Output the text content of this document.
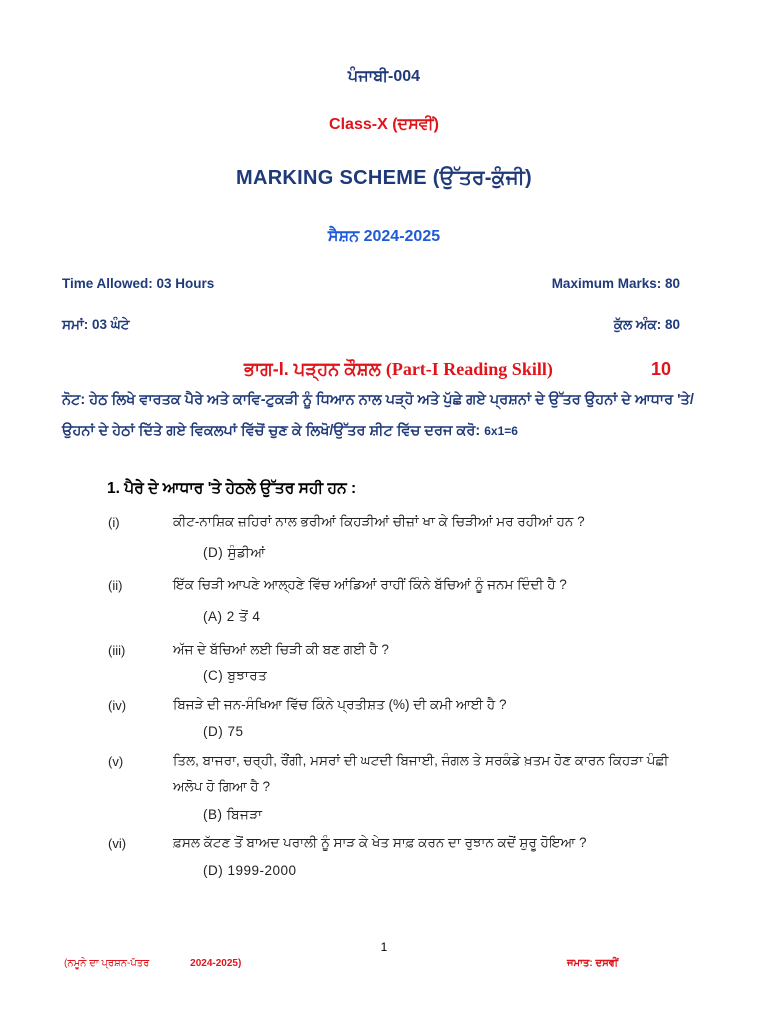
ਪੰਜਾਬੀ-004
Class-X (ਦਸਵੀਂ)
MARKING SCHEME (ਉੱਤਰ-ਕੁੰਜੀ)
ਸੈਸ਼ਨ 2024-2025
Time Allowed: 03 Hours	Maximum Marks: 80
ਸਮਾਂ: 03 ਘੰਟੇ	ਕੁੱਲ ਅੰਕ: 80
ਭਾਗ-I. ਪੜ੍ਹਨ ਕੌਸ਼ਲ (Part-I Reading Skill)	10
ਨੋਟ: ਹੇਠ ਲਿਖੇ ਵਾਰਤਕ ਪੈਰੇ ਅਤੇ ਕਾਵਿ-ਟੁਕੜੀ ਨੂੰ ਧਿਆਨ ਨਾਲ ਪੜ੍ਹੋ ਅਤੇ ਪੁੱਛੇ ਗਏ ਪ੍ਰਸ਼ਨਾਂ ਦੇ ਉੱਤਰ ਉਹਨਾਂ ਦੇ ਆਧਾਰ 'ਤੇ/ ਉਹਨਾਂ ਦੇ ਹੇਠਾਂ ਦਿੱਤੇ ਗਏ ਵਿਕਲਪਾਂ ਵਿੱਚੋਂ ਚੁਣ ਕੇ ਲਿਖੋ/ਉੱਤਰ ਸ਼ੀਟ ਵਿੱਚ ਦਰਜ ਕਰੋ: 6x1=6
1. ਪੈਰੇ ਦੇ ਆਧਾਰ 'ਤੇ ਹੇਠਲੇ ਉੱਤਰ ਸਹੀ ਹਨ :
(i)	ਕੀਟ-ਨਾਸ਼ਿਕ ਜ਼ਹਿਰਾਂ ਨਾਲ ਭਰੀਆਂ ਕਿਹੜੀਆਂ ਚੀਜ਼ਾਂ ਖਾ ਕੇ ਚਿੜੀਆਂ ਮਰ ਰਹੀਆਂ ਹਨ ?
(D) ਸੁੰਡੀਆਂ
(ii)	ਇੱਕ ਚਿੜੀ ਆਪਣੇ ਆਲ੍ਹਣੇ ਵਿੱਚ ਆਂਡਿਆਂ ਰਾਹੀਂ ਕਿੰਨੇ ਬੱਚਿਆਂ ਨੂੰ ਜਨਮ ਦਿੰਦੀ ਹੈ ?
(A) 2 ਤੋਂ 4
(iii)	ਅੱਜ ਦੇ ਬੱਚਿਆਂ ਲਈ ਚਿੜੀ ਕੀ ਬਣ ਗਈ ਹੈ ?
(C) ਬੁਝਾਰਤ
(iv)	ਬਿਜੜੇ ਦੀ ਜਨ-ਸੰਖਿਆ ਵਿੱਚ ਕਿੰਨੇ ਪ੍ਰਤੀਸ਼ਤ (%) ਦੀ ਕਮੀ ਆਈ ਹੈ ?
(D) 75
(v)	ਤਿਲ, ਬਾਜਰਾ, ਚਰ੍ਹੀ, ਰੌਂਗੀ, ਮਸਰਾਂ ਦੀ ਘਟਦੀ ਬਿਜਾਈ, ਜੰਗਲ ਤੇ ਸਰਕੰਡੇ ਖ਼ਤਮ ਹੋਣ ਕਾਰਨ ਕਿਹੜਾ ਪੰਛੀ ਅਲੋਪ ਹੋ ਗਿਆ ਹੈ ?
(B) ਬਿਜੜਾ
(vi)	ਫ਼ਸਲ ਕੱਟਣ ਤੋਂ ਬਾਅਦ ਪਰਾਲੀ ਨੂੰ ਸਾੜ ਕੇ ਖੇਤ ਸਾਫ਼ ਕਰਨ ਦਾ ਰੁਝਾਨ ਕਦੋਂ ਸ਼ੁਰੂ ਹੋਇਆ ?
(D) 1999-2000
1
(ਨਮੂਨੇ ਦਾ ਪ੍ਰਸ਼ਨ-ਪੱਤਰ	2024-2025)	ਜਮਾਤ: ਦਸਵੀਂ
